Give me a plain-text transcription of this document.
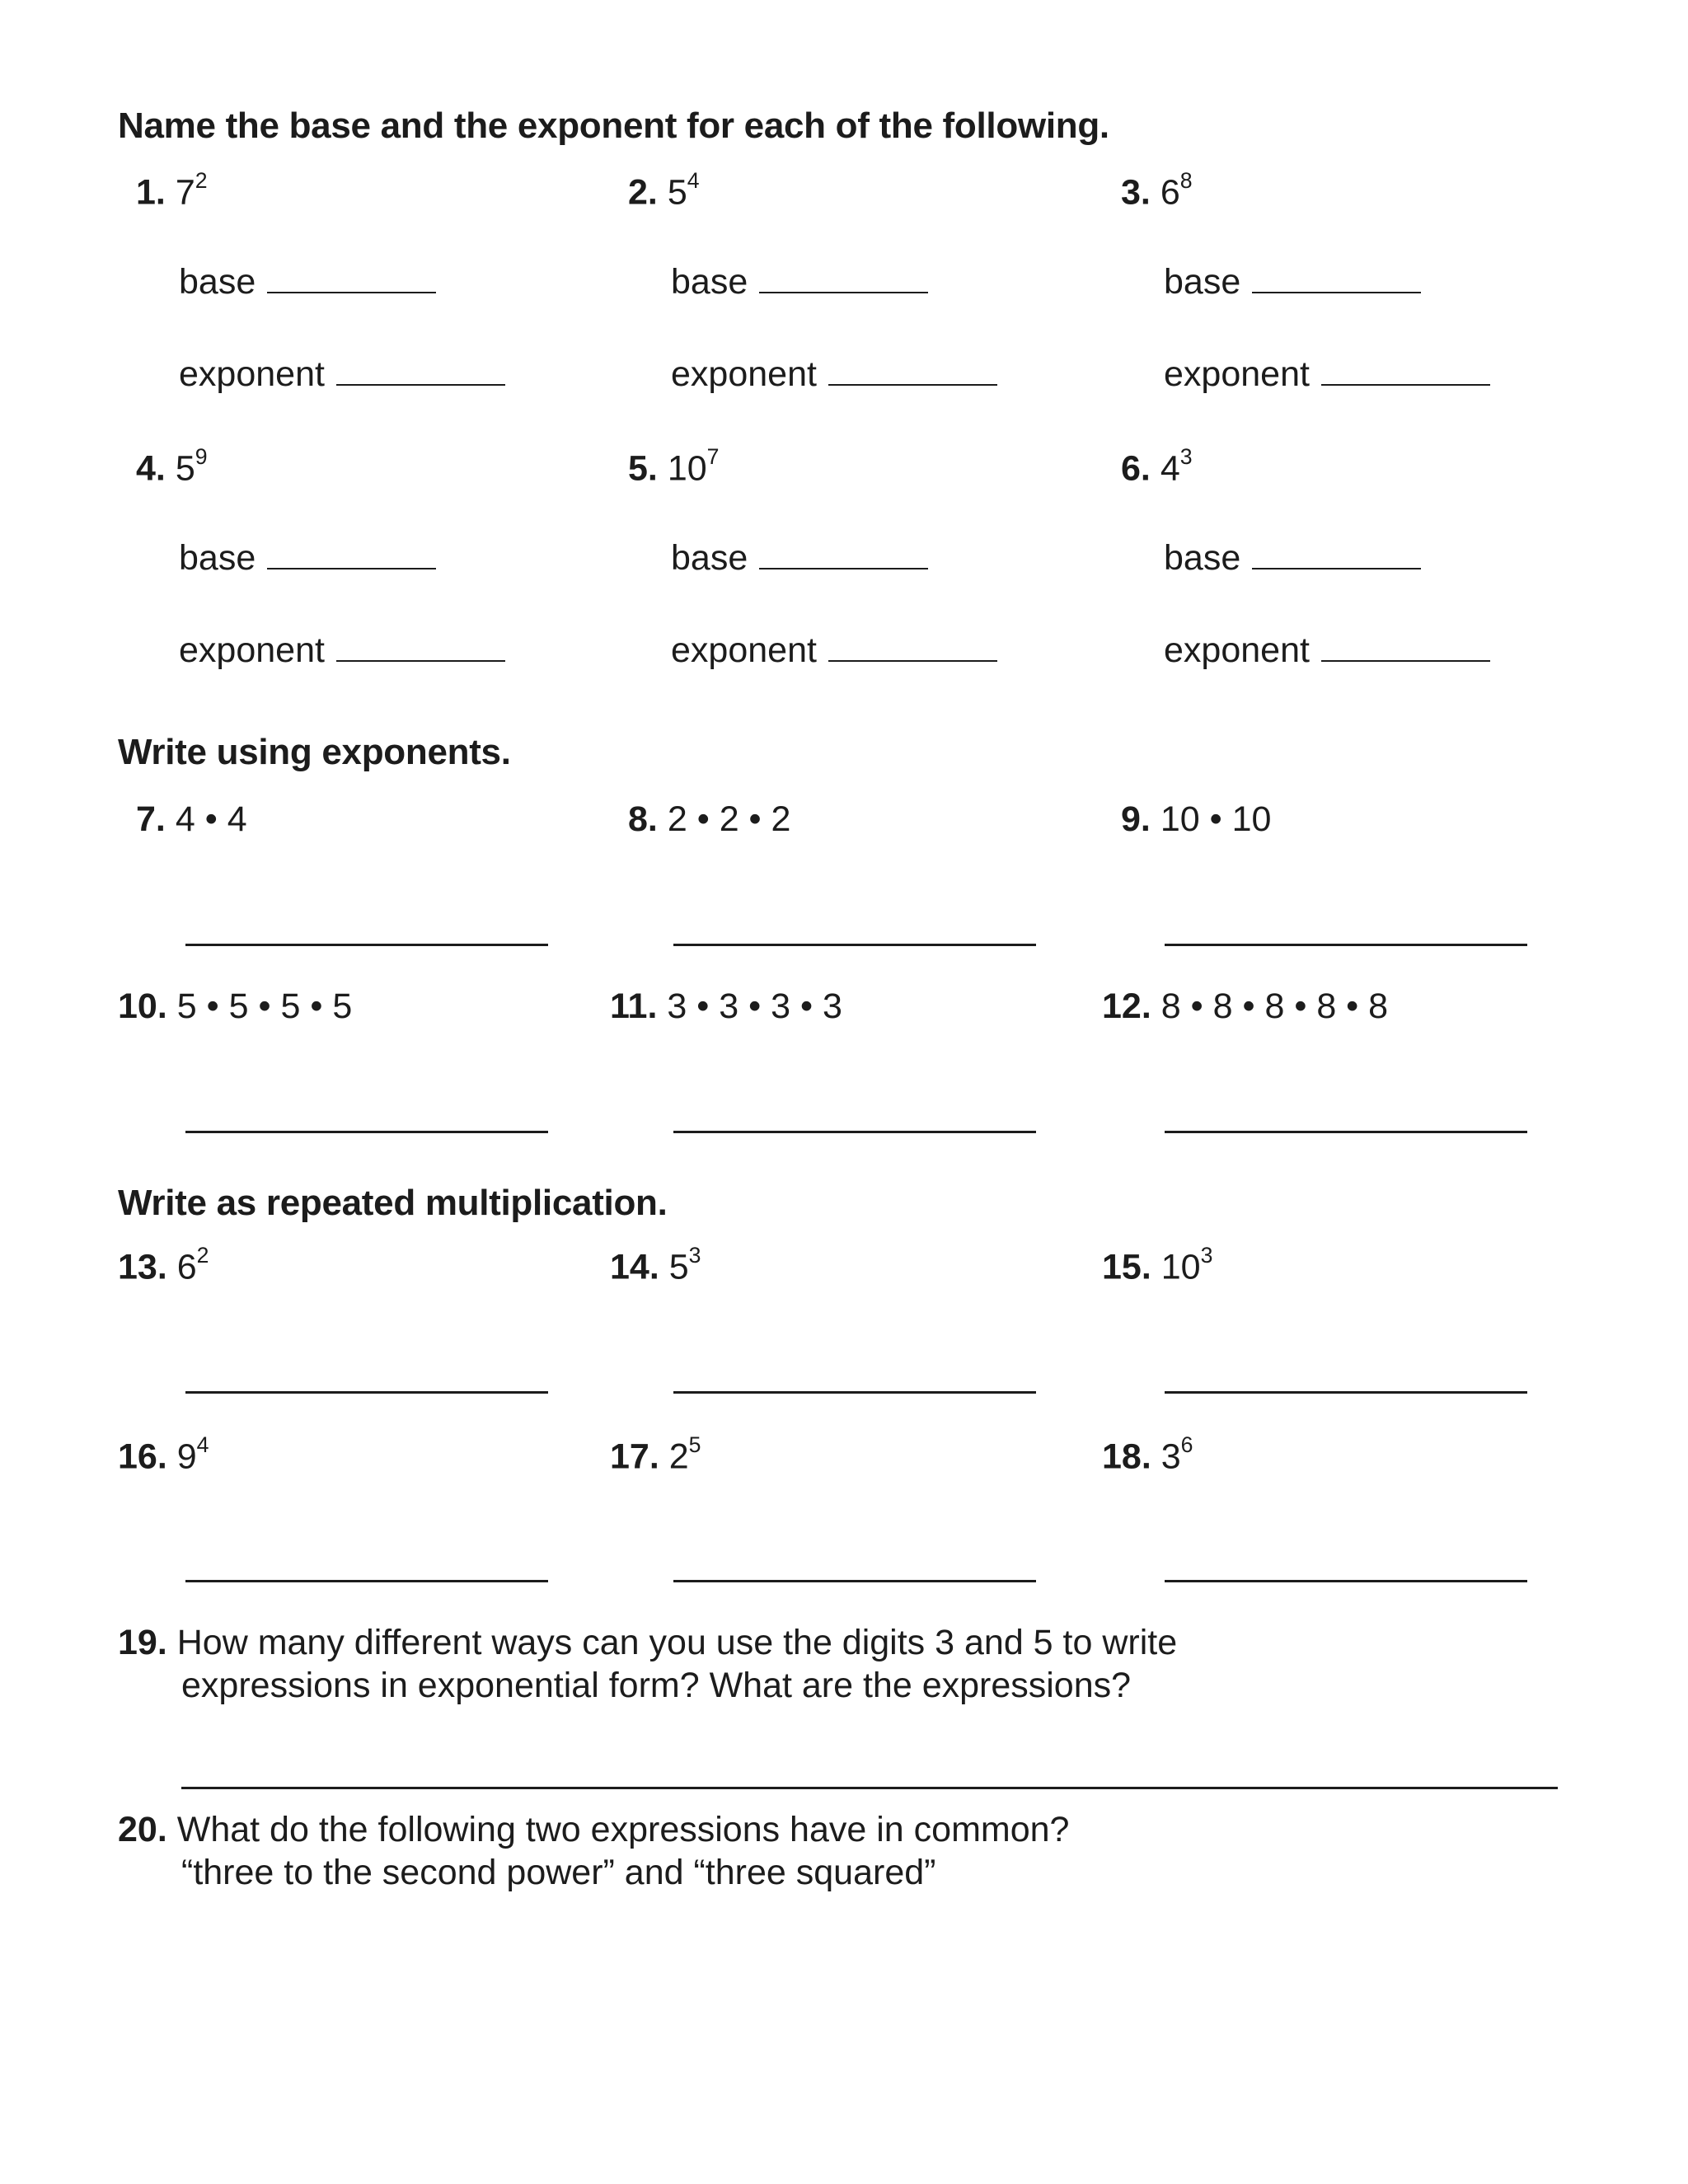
Name the base and the exponent for each of the following.
1. $7^2$	2. $5^4$	3. $6^8$
base	base	base
exponent	exponent	exponent
4. $5^9$	5. $10^7$	6. $4^3$
base	base	base
exponent	exponent	exponent
Write using exponents.
7. 4 • 4	8. 2 • 2 • 2	9. 10 • 10
10. 5 • 5 • 5 • 5	11. 3 • 3 • 3 • 3	12. 8 • 8 • 8 • 8 • 8
Write as repeated multiplication.
13. $6^2$	14. $5^3$	15. $10^3$
16. $9^4$	17. $2^5$	18. $3^6$
19. How many different ways can you use the digits 3 and 5 to write
expressions in exponential form? What are the expressions?
20. What do the following two expressions have in common?
“three to the second power” and “three squared”
